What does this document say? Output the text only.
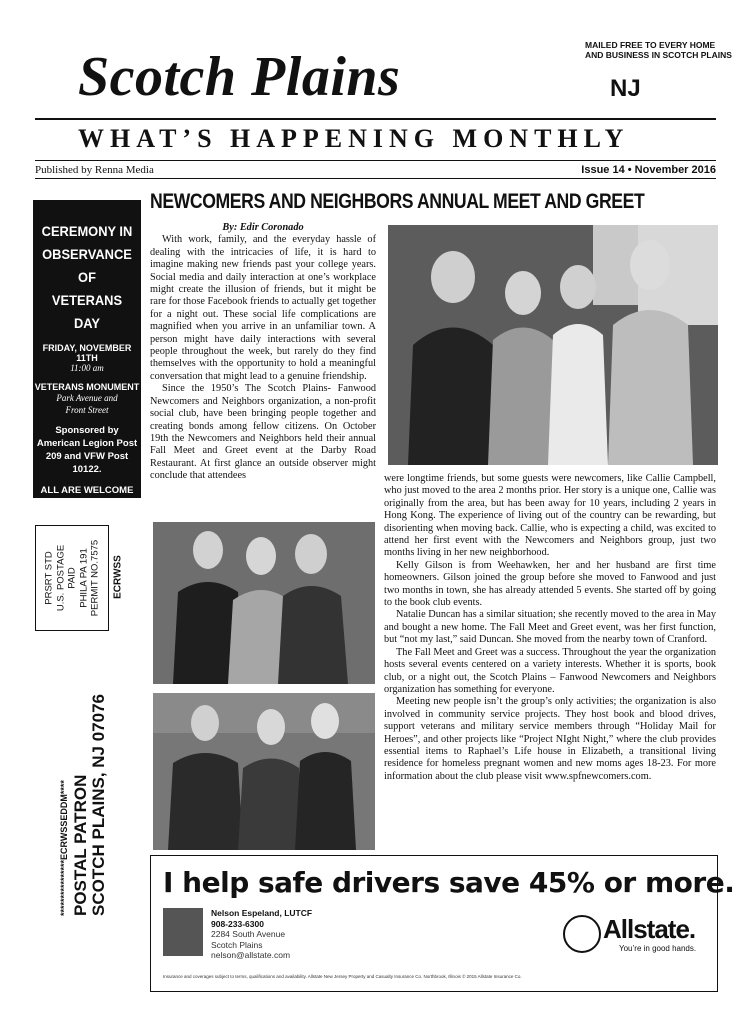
MAILED FREE TO EVERY HOME
AND BUSINESS IN SCOTCH PLAINS
Scotch Plains	NJ
WHAT’S HAPPENING MONTHLY
Published by Renna Media	Issue 14 • November 2016
NEWCOMERS AND NEIGHBORS ANNUAL MEET AND GREET
CEREMONY IN
OBSERVANCE
OF
VETERANS DAY
FRIDAY, NOVEMBER 11TH
11:00 am
VETERANS MONUMENT
Park Avenue and
Front Street
Sponsored by
American Legion Post
209 and VFW Post
10122.
ALL ARE WELCOME
(908) 322-9845
PRSRT STD U.S. POSTAGE PAID PHILA PA 191 PERMIT NO.7575 ECRWSS
****************ECRWSSEDDM**** POSTAL PATRON SCOTCH PLAINS, NJ 07076
By: Edir Coronado

With work, family, and the everyday hassle of dealing with the intricacies of life, it is hard to imagine making new friends past your college years. Social media and daily interaction at one’s workplace might create the illusion of friends, but it might be rare for those Facebook friends to actually get together for a night out. These social life complications are magnified when you arrive in an unfamiliar town. A person might have daily interactions with several people throughout the week, but rarely do they find themselves with the opportunity to hold a meaningful conversation that might lead to a genuine friendship.

Since the 1950’s The Scotch Plains- Fanwood Newcomers and Neighbors organization, a non-profit social club, have been bringing people together and creating bonds among fellow citizens. On October 19th the Newcomers and Neighbors held their annual Fall Meet and Greet event at the Darby Road Restaurant. At first glance an outside observer might conclude that attendees	were longtime friends, but some guests were newcomers, like Callie Campbell, who just moved to the area 2 months prior. Her story is a unique one, Callie was originally from the area, but has been away for 10 years, including 2 years in Hong Kong. The experience of living out of the country can be rewarding, but disorienting when moving back. Callie, who is expecting a child, was excited to attend her first event with the Newcomers and Neighbors group, just two months living in her new neighborhood.

Kelly Gilson is from Weehawken, her and her husband are first time homeowners. Gilson joined the group before she moved to Fanwood and just two months in town, she has already attended 5 events. She started off by going to the book club events.

Natalie Duncan has a similar situation; she recently moved to the area in May and bought a new home. The Fall Meet and Greet event, was her first function, but “not my last,” said Duncan. She moved from the nearby town of Cranford.

The Fall Meet and Greet was a success. Throughout the year the organization hosts several events centered on a variety interests. Whether it is sports, book club, or a night out, the Scotch Plains – Fanwood Newcomers and Neighbors organization has something for everyone.

Meeting new people isn’t the group’s only activities; the organization is also involved in community service projects. They host book and blood drives, support veterans and military service members through “Holiday Mail for Heroes”, and other projects like “Project NIght Night,” where the club provides essential items to Raphael’s Life house in Elizabeth, a transitional living residence for homeless pregnant women and new moms ages 18-23. For more information about the club please visit www.spfnewcomers.com.

I help safe drivers save 45% or more.
Nelson Espeland, LUTCF
908-233-6300
2284 South Avenue
Scotch Plains
nelson@allstate.com
Allstate.
You’re in good hands.
Insurance and coverages subject to terms, qualifications and availability. Allstate New Jersey Property and Casualty Insurance Co. Northbrook, Illinois © 2015 Allstate Insurance Co.
